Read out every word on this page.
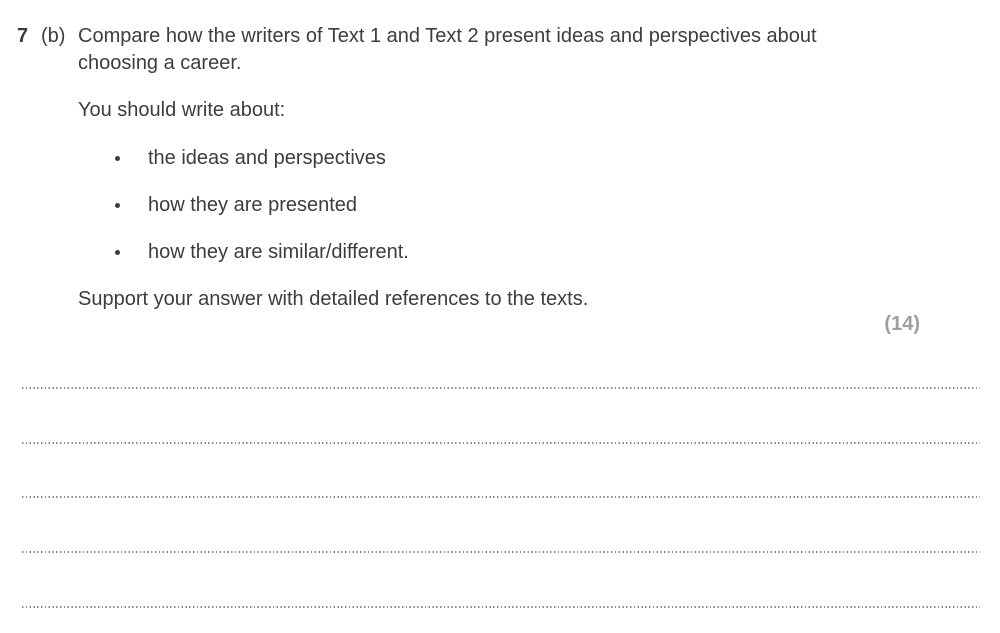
7 (b) Compare how the writers of Text 1 and Text 2 present ideas and perspectives about choosing a career.
You should write about:
the ideas and perspectives
how they are presented
how they are similar/different.
Support your answer with detailed references to the texts.
(14)
